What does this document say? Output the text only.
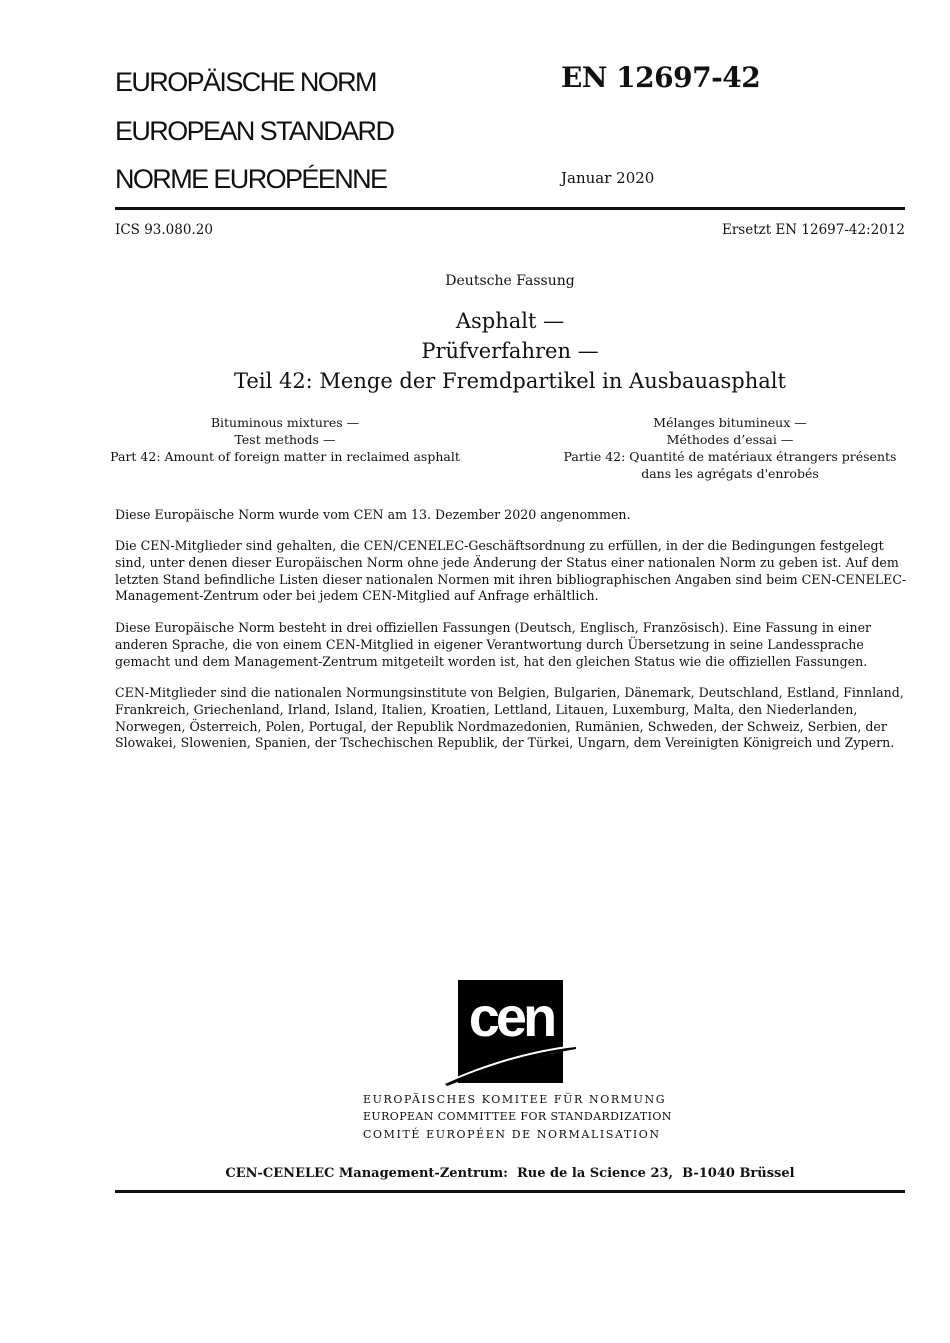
EUROPÄISCHE NORM
EUROPEAN STANDARD
NORME EUROPÉENNE
EN 12697-42
Januar 2020
ICS 93.080.20	Ersetzt EN 12697-42:2012
Deutsche Fassung
Asphalt —
Prüfverfahren —
Teil 42: Menge der Fremdpartikel in Ausbauasphalt
Bituminous mixtures —
Test methods —
Part 42: Amount of foreign matter in reclaimed asphalt
Mélanges bitumineux —
Méthodes d’essai —
Partie 42: Quantité de matériaux étrangers présents
dans les agrégats d'enrobés
Diese Europäische Norm wurde vom CEN am 13. Dezember 2020 angenommen.
Die CEN-Mitglieder sind gehalten, die CEN/CENELEC-Geschäftsordnung zu erfüllen, in der die Bedingungen festgelegt sind, unter denen dieser Europäischen Norm ohne jede Änderung der Status einer nationalen Norm zu geben ist. Auf dem letzten Stand befindliche Listen dieser nationalen Normen mit ihren bibliographischen Angaben sind beim CEN-CENELEC-Management-Zentrum oder bei jedem CEN-Mitglied auf Anfrage erhältlich.
Diese Europäische Norm besteht in drei offiziellen Fassungen (Deutsch, Englisch, Französisch). Eine Fassung in einer anderen Sprache, die von einem CEN-Mitglied in eigener Verantwortung durch Übersetzung in seine Landessprache gemacht und dem Management-Zentrum mitgeteilt worden ist, hat den gleichen Status wie die offiziellen Fassungen.
CEN-Mitglieder sind die nationalen Normungsinstitute von Belgien, Bulgarien, Dänemark, Deutschland, Estland, Finnland, Frankreich, Griechenland, Irland, Island, Italien, Kroatien, Lettland, Litauen, Luxemburg, Malta, den Niederlanden, Norwegen, Österreich, Polen, Portugal, der Republik Nordmazedonien, Rumänien, Schweden, der Schweiz, Serbien, der Slowakei, Slowenien, Spanien, der Tschechischen Republik, der Türkei, Ungarn, dem Vereinigten Königreich und Zypern.
cen
EUROPÄISCHES KOMITEE FÜR NORMUNG
EUROPEAN COMMITTEE FOR STANDARDIZATION
COMITÉ EUROPÉEN DE NORMALISATION
CEN-CENELEC Management-Zentrum:  Rue de la Science 23,  B-1040 Brüssel
